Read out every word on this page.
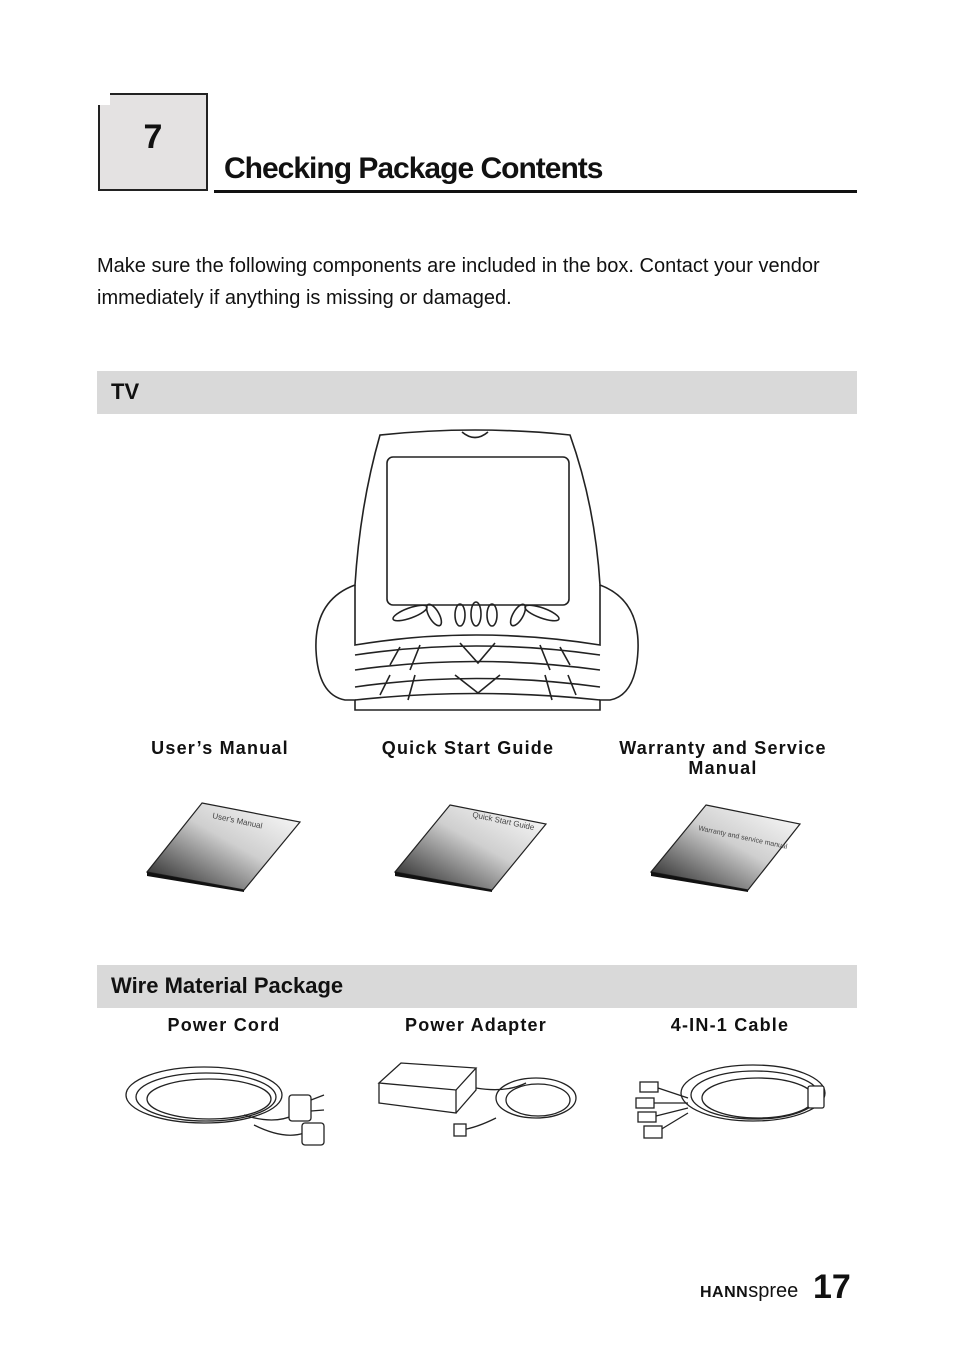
7
Checking Package Contents
Make sure the following components are included in the box. Contact your vendor immediately if anything is missing or damaged.
TV
User’s Manual	Quick Start Guide	Warranty and Service Manual
User's Manual	Quick Start Guide
Warranty and service manual
Wire Material Package
Power Cord	Power Adapter	4-IN-1 Cable
HANNspree 17
